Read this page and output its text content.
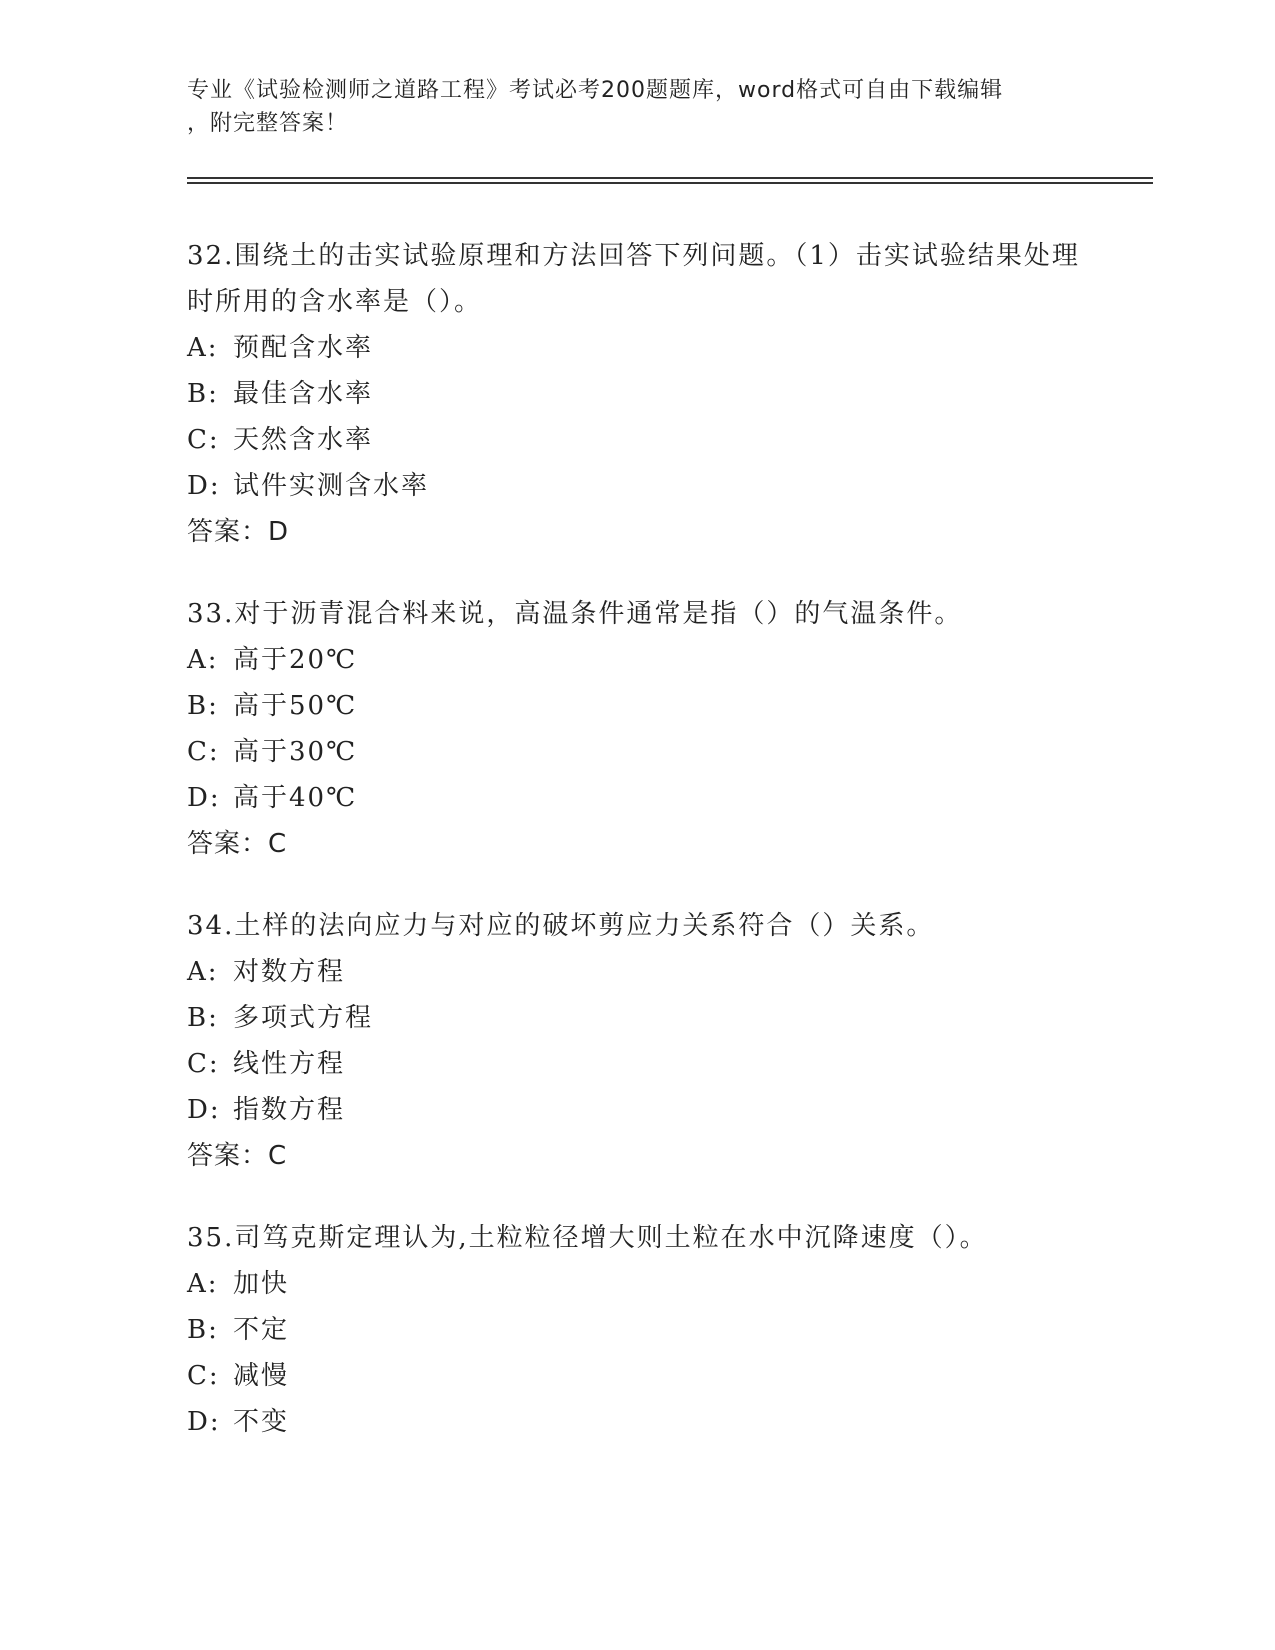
专业《试验检测师之道路工程》考试必考200题题库，word格式可自由下载编辑
，附完整答案！

32.围绕土的击实试验原理和方法回答下列问题。（1）击实试验结果处理时所用的含水率是（）。

A: 预配含水率
B: 最佳含水率
C: 天然含水率
D: 试件实测含水率
答案：D

33.对于沥青混合料来说，高温条件通常是指（）的气温条件。

A: 高于20℃
B: 高于50℃
C: 高于30℃
D: 高于40℃
答案：C

34.土样的法向应力与对应的破坏剪应力关系符合（）关系。

A: 对数方程
B: 多项式方程
C: 线性方程
D: 指数方程
答案：C

35.司笃克斯定理认为,土粒粒径增大则土粒在水中沉降速度（）。

A: 加快
B: 不定
C: 减慢
D: 不变
